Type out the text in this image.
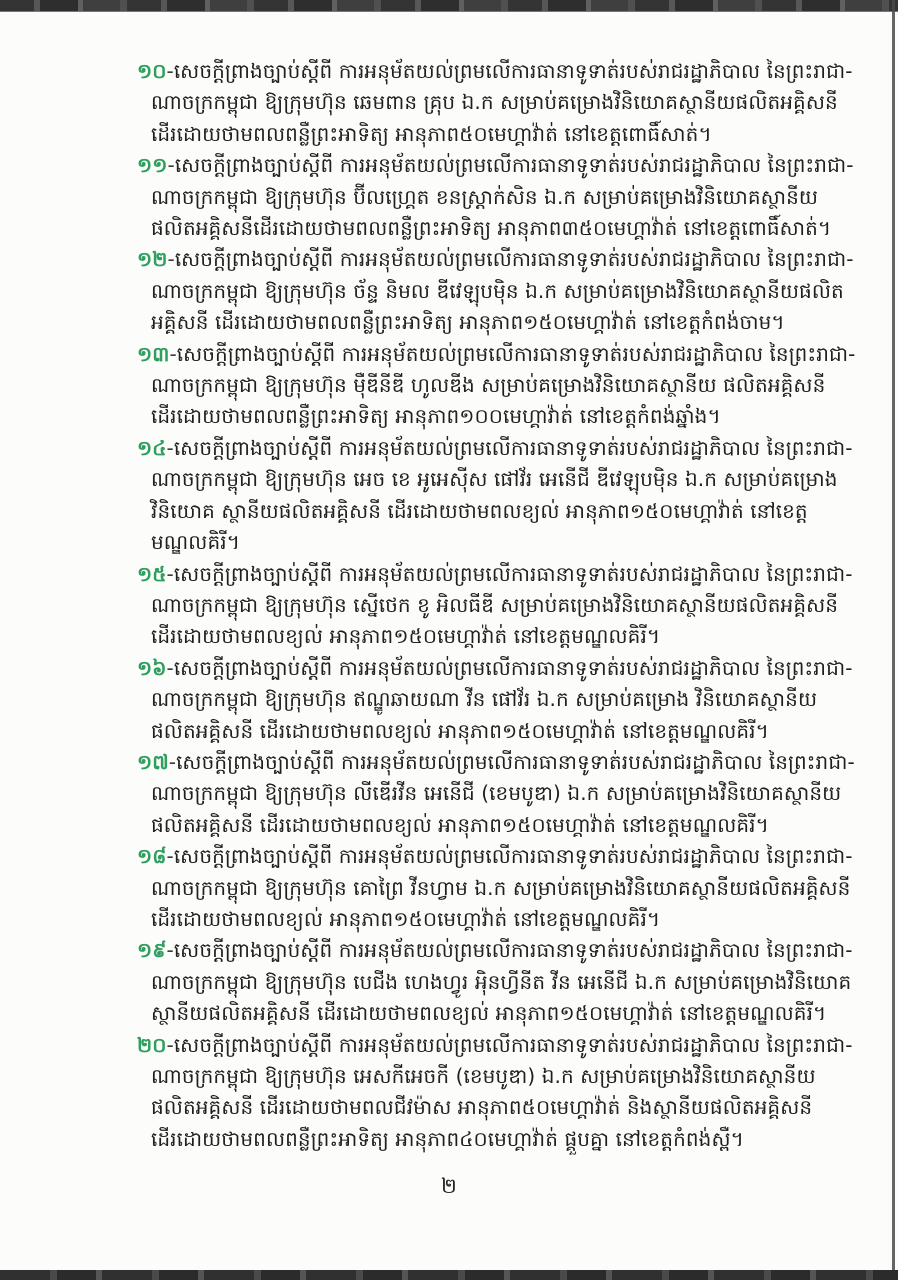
១០-សេចក្ដីព្រាងច្បាប់ស្ដីពី ការអនុម័តយល់ព្រមលើការធានាទូទាត់របស់រាជរដ្ឋាភិបាល នៃព្រះរាជា-
ណាចក្រកម្ពុជា ឱ្យក្រុមហ៊ុន ឆេមពាន គ្រុប ឯ.ក សម្រាប់គម្រោងវិនិយោគស្ថានីយផលិតអគ្គិសនី
ដើរដោយថាមពលពន្លឺព្រះអាទិត្យ អានុភាព៥០មេហ្គាវ៉ាត់ នៅខេត្តពោធិ៍សាត់។
១១-សេចក្ដីព្រាងច្បាប់ស្ដីពី ការអនុម័តយល់ព្រមលើការធានាទូទាត់របស់រាជរដ្ឋាភិបាល នៃព្រះរាជា-
ណាចក្រកម្ពុជា ឱ្យក្រុមហ៊ុន ប៊ីលហ្គ្រេត ខនស្ត្រាក់សិន ឯ.ក សម្រាប់គម្រោងវិនិយោគស្ថានីយ
ផលិតអគ្គិសនីដើរដោយថាមពលពន្លឺព្រះអាទិត្យ អានុភាព៣៥០មេហ្គាវ៉ាត់ នៅខេត្តពោធិ៍សាត់។
១២-សេចក្ដីព្រាងច្បាប់ស្ដីពី ការអនុម័តយល់ព្រមលើការធានាទូទាត់របស់រាជរដ្ឋាភិបាល នៃព្រះរាជា-
ណាចក្រកម្ពុជា ឱ្យក្រុមហ៊ុន ច័ន្ទ និមល ឌីវេឡុបមុិន ឯ.ក សម្រាប់គម្រោងវិនិយោគស្ថានីយផលិត
អគ្គិសនី ដើរដោយថាមពលពន្លឺព្រះអាទិត្យ អានុភាព១៥០មេហ្គាវ៉ាត់ នៅខេត្តកំពង់ចាម។
១៣-សេចក្ដីព្រាងច្បាប់ស្ដីពី ការអនុម័តយល់ព្រមលើការធានាទូទាត់របស់រាជរដ្ឋាភិបាល នៃព្រះរាជា-
ណាចក្រកម្ពុជា ឱ្យក្រុមហ៊ុន ម៉ឺឌីនីឌី ហូលឌីង សម្រាប់គម្រោងវិនិយោគស្ថានីយ ផលិតអគ្គិសនី
ដើរដោយថាមពលពន្លឺព្រះអាទិត្យ អានុភាព១០០មេហ្គាវ៉ាត់ នៅខេត្តកំពង់ឆ្នាំង។
១៤-សេចក្ដីព្រាងច្បាប់ស្ដីពី ការអនុម័តយល់ព្រមលើការធានាទូទាត់របស់រាជរដ្ឋាភិបាល នៃព្រះរាជា-
ណាចក្រកម្ពុជា ឱ្យក្រុមហ៊ុន អេច ខេ អូអេស៊ីស ផៅវ័រ អេនើជី ឌីវេឡុបមុិន ឯ.ក សម្រាប់គម្រោង
វិនិយោគ ស្ថានីយផលិតអគ្គិសនី ដើរដោយថាមពលខ្យល់ អានុភាព១៥០មេហ្គាវ៉ាត់ នៅខេត្ត
មណ្ឌលគិរី។
១៥-សេចក្ដីព្រាងច្បាប់ស្ដីពី ការអនុម័តយល់ព្រមលើការធានាទូទាត់របស់រាជរដ្ឋាភិបាល នៃព្រះរាជា-
ណាចក្រកម្ពុជា ឱ្យក្រុមហ៊ុន ស្នើថេក ខូ អិលធីឌី សម្រាប់គម្រោងវិនិយោគស្ថានីយផលិតអគ្គិសនី
ដើរដោយថាមពលខ្យល់ អានុភាព១៥០មេហ្គាវ៉ាត់ នៅខេត្តមណ្ឌលគិរី។
១៦-សេចក្ដីព្រាងច្បាប់ស្ដីពី ការអនុម័តយល់ព្រមលើការធានាទូទាត់របស់រាជរដ្ឋាភិបាល នៃព្រះរាជា-
ណាចក្រកម្ពុជា ឱ្យក្រុមហ៊ុន ឥណ្ឌូឆាយណា វីន ផៅវ័រ ឯ.ក សម្រាប់គម្រោង វិនិយោគស្ថានីយ
ផលិតអគ្គិសនី ដើរដោយថាមពលខ្យល់ អានុភាព១៥០មេហ្គាវ៉ាត់ នៅខេត្តមណ្ឌលគិរី។
១៧-សេចក្ដីព្រាងច្បាប់ស្ដីពី ការអនុម័តយល់ព្រមលើការធានាទូទាត់របស់រាជរដ្ឋាភិបាល នៃព្រះរាជា-
ណាចក្រកម្ពុជា ឱ្យក្រុមហ៊ុន លីឌើរវីន អេនើជី (ខេមបូឌា) ឯ.ក សម្រាប់គម្រោងវិនិយោគស្ថានីយ
ផលិតអគ្គិសនី ដើរដោយថាមពលខ្យល់ អានុភាព១៥០មេហ្គាវ៉ាត់ នៅខេត្តមណ្ឌលគិរី។
១៨-សេចក្ដីព្រាងច្បាប់ស្ដីពី ការអនុម័តយល់ព្រមលើការធានាទូទាត់របស់រាជរដ្ឋាភិបាល នៃព្រះរាជា-
ណាចក្រកម្ពុជា ឱ្យក្រុមហ៊ុន គោព្រៃ វីនហ្វាម ឯ.ក សម្រាប់គម្រោងវិនិយោគស្ថានីយផលិតអគ្គិសនី
ដើរដោយថាមពលខ្យល់ អានុភាព១៥០មេហ្គាវ៉ាត់ នៅខេត្តមណ្ឌលគិរី។
១៩-សេចក្ដីព្រាងច្បាប់ស្ដីពី ការអនុម័តយល់ព្រមលើការធានាទូទាត់របស់រាជរដ្ឋាភិបាល នៃព្រះរាជា-
ណាចក្រកម្ពុជា ឱ្យក្រុមហ៊ុន បេជីង ហេងហ្វូរ អុិនហ្វីនីត វីន អេនើជី ឯ.ក សម្រាប់គម្រោងវិនិយោគ
ស្ថានីយផលិតអគ្គិសនី ដើរដោយថាមពលខ្យល់ អានុភាព១៥០មេហ្គាវ៉ាត់ នៅខេត្តមណ្ឌលគិរី។
២០-សេចក្ដីព្រាងច្បាប់ស្ដីពី ការអនុម័តយល់ព្រមលើការធានាទូទាត់របស់រាជរដ្ឋាភិបាល នៃព្រះរាជា-
ណាចក្រកម្ពុជា ឱ្យក្រុមហ៊ុន អេសកីអេចកី (ខេមបូឌា) ឯ.ក សម្រាប់គម្រោងវិនិយោគស្ថានីយ
ផលិតអគ្គិសនី ដើរដោយថាមពលជីវម៉ាស អានុភាព៥០មេហ្គាវ៉ាត់ និងស្ថានីយផលិតអគ្គិសនី
ដើរដោយថាមពលពន្លឺព្រះអាទិត្យ អានុភាព៤០មេហ្គាវ៉ាត់ ផ្គួបគ្នា នៅខេត្តកំពង់ស្ពឺ។
២
